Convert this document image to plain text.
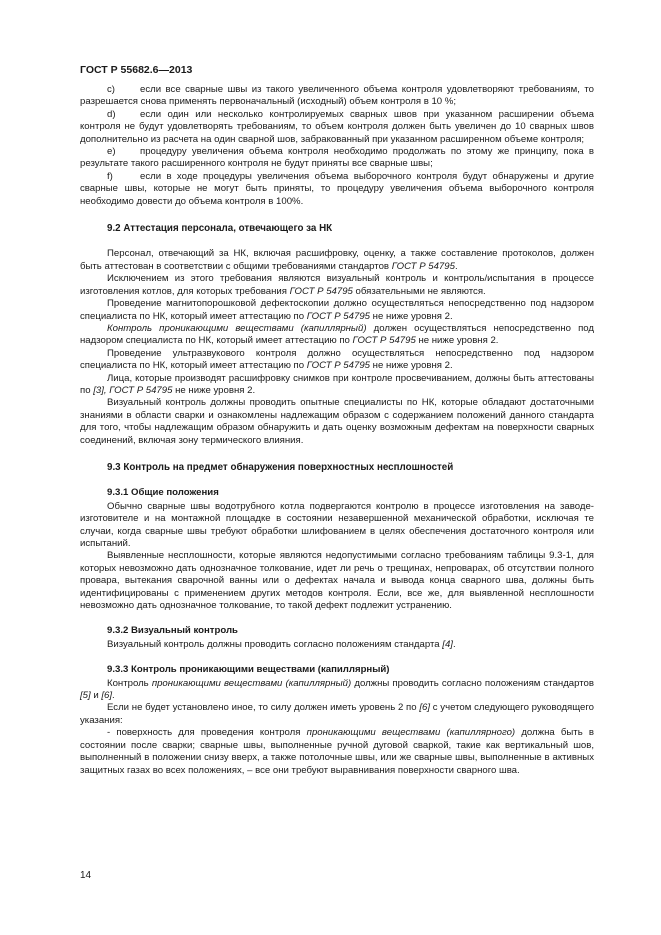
ГОСТ Р 55682.6—2013

c)	если все сварные швы из такого увеличенного объема контроля удовлетворяют требованиям, то разрешается снова применять первоначальный (исходный) объем контроля в 10 %;

d)	если один или несколько контролируемых сварных швов при указанном расширении объема контроля не будут удовлетворять требованиям, то объем контроля должен быть увеличен до 10 сварных швов дополнительно из расчета на один сварной шов, забракованный при указанном расширенном объеме контроля;

e)	процедуру увеличения объема контроля необходимо продолжать по этому же принципу, пока в результате такого расширенного контроля не будут приняты все сварные швы;

f)	если в ходе процедуры увеличения объема выборочного контроля будут обнаружены и другие сварные швы, которые не могут быть приняты, то процедуру увеличения объема выборочного контроля необходимо довести до объема контроля в 100%.

9.2 Аттестация персонала, отвечающего за НК

Персонал, отвечающий за НК, включая расшифровку, оценку, а также составление протоколов, должен быть аттестован в соответствии с общими требованиями стандартов ГОСТ Р 54795.

Исключением из этого требования являются визуальный контроль и контроль/испытания в процессе изготовления котлов, для которых требования ГОСТ Р 54795 обязательными не являются.

Проведение магнитопорошковой дефектоскопии должно осуществляться непосредственно под надзором специалиста по НК, который имеет аттестацию по ГОСТ Р 54795 не ниже уровня 2.

Контроль проникающими веществами (капиллярный) должен осуществляться непосредственно под надзором специалиста по НК, который имеет аттестацию по ГОСТ Р 54795 не ниже уровня 2.

Проведение ультразвукового контроля должно осуществляться непосредственно под надзором специалиста по НК, который имеет аттестацию по ГОСТ Р 54795 не ниже уровня 2.

Лица, которые производят расшифровку снимков при контроле просвечиванием, должны быть аттестованы по [3], ГОСТ Р 54795 не ниже уровня 2.

Визуальный контроль должны проводить опытные специалисты по НК, которые обладают достаточными знаниями в области сварки и ознакомлены надлежащим образом с содержанием положений данного стандарта для того, чтобы надлежащим образом обнаружить и дать оценку возможным дефектам на поверхности сварных соединений, включая зону термического влияния.

9.3 Контроль на предмет обнаружения поверхностных несплошностей
9.3.1 Общие положения

Обычно сварные швы водотрубного котла подвергаются контролю в процессе изготовления на заводе-изготовителе и на монтажной площадке в состоянии незавершенной механической обработки, исключая те случаи, когда сварные швы требуют обработки шлифованием в целях обеспечения достаточного контроля или испытаний.

Выявленные несплошности, которые являются недопустимыми согласно требованиям таблицы 9.3-1, для которых невозможно дать однозначное толкование, идет ли речь о трещинах, непроварах, об отсутствии полного провара, вытекания сварочной ванны или о дефектах начала и вывода конца сварного шва, должны быть идентифицированы с применением других методов контроля. Если, все же, для выявленной несплошности невозможно дать однозначное толкование, то такой дефект подлежит устранению.

9.3.2 Визуальный контроль

Визуальный контроль должны проводить согласно положениям стандарта [4].

9.3.3 Контроль проникающими веществами (капиллярный)

Контроль проникающими веществами (капиллярный) должны проводить согласно положениям стандартов [5] и [6].

Если не будет установлено иное, то силу должен иметь уровень 2 по [6] с учетом следующего руководящего указания:

- поверхность для проведения контроля проникающими веществами (капиллярного) должна быть в состоянии после сварки; сварные швы, выполненные ручной дуговой сваркой, такие как вертикальный шов, выполненный в положении снизу вверх, а также потолочные швы, или же сварные швы, выполненные в активных защитных газах во всех положениях, – все они требуют выравнивания поверхности сварного шва.

14
